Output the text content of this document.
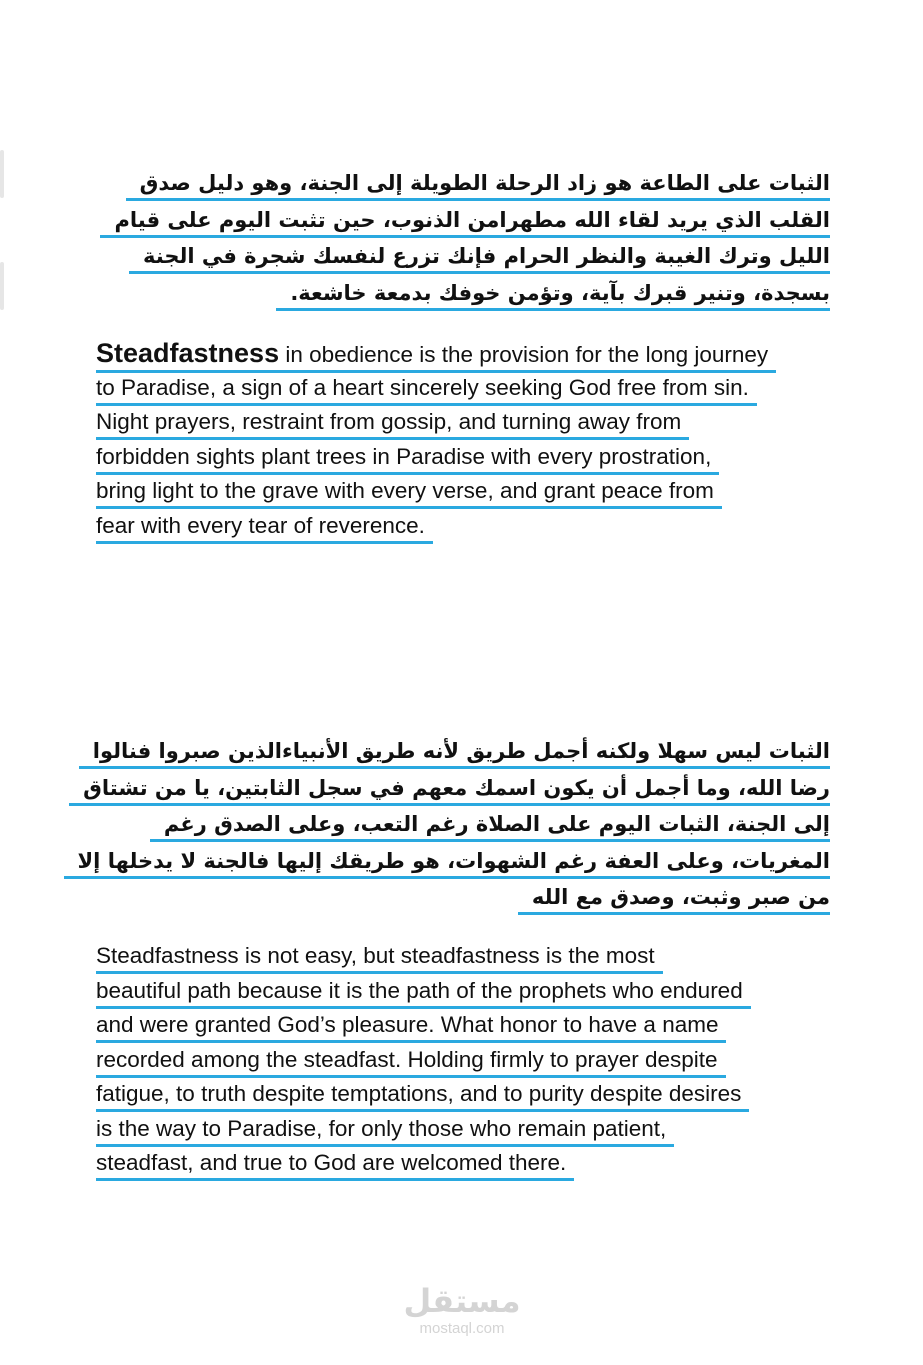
الثبات على الطاعة هو زاد الرحلة الطويلة إلى الجنة، وهو دليل صدق
القلب الذي يريد لقاء الله مطهرامن الذنوب، حين تثبت اليوم على قيام
الليل وترك الغيبة والنظر الحرام فإنك تزرع لنفسك شجرة في الجنة
بسجدة، وتنير قبرك بآية، وتؤمن خوفك بدمعة خاشعة.
Steadfastness in obedience is the provision for the long journey
to Paradise, a sign of a heart sincerely seeking God free from sin.
Night prayers, restraint from gossip, and turning away from
forbidden sights plant trees in Paradise with every prostration,
bring light to the grave with every verse, and grant peace from
fear with every tear of reverence.
الثبات ليس سهلا ولكنه أجمل طريق لأنه طريق الأنبياءالذين صبروا فنالوا
رضا الله، وما أجمل أن يكون اسمك معهم في سجل الثابتين، يا من تشتاق
إلى الجنة، الثبات اليوم على الصلاة رغم التعب، وعلى الصدق رغم
المغريات، وعلى العفة رغم الشهوات، هو طريقك إليها فالجنة لا يدخلها إلا
من صبر وثبت، وصدق مع الله
Steadfastness is not easy, but steadfastness is the most
beautiful path because it is the path of the prophets who endured
and were granted God’s pleasure. What honor to have a name
recorded among the steadfast. Holding firmly to prayer despite
fatigue, to truth despite temptations, and to purity despite desires
is the way to Paradise, for only those who remain patient,
steadfast, and true to God are welcomed there.
مستقل
mostaql.com
